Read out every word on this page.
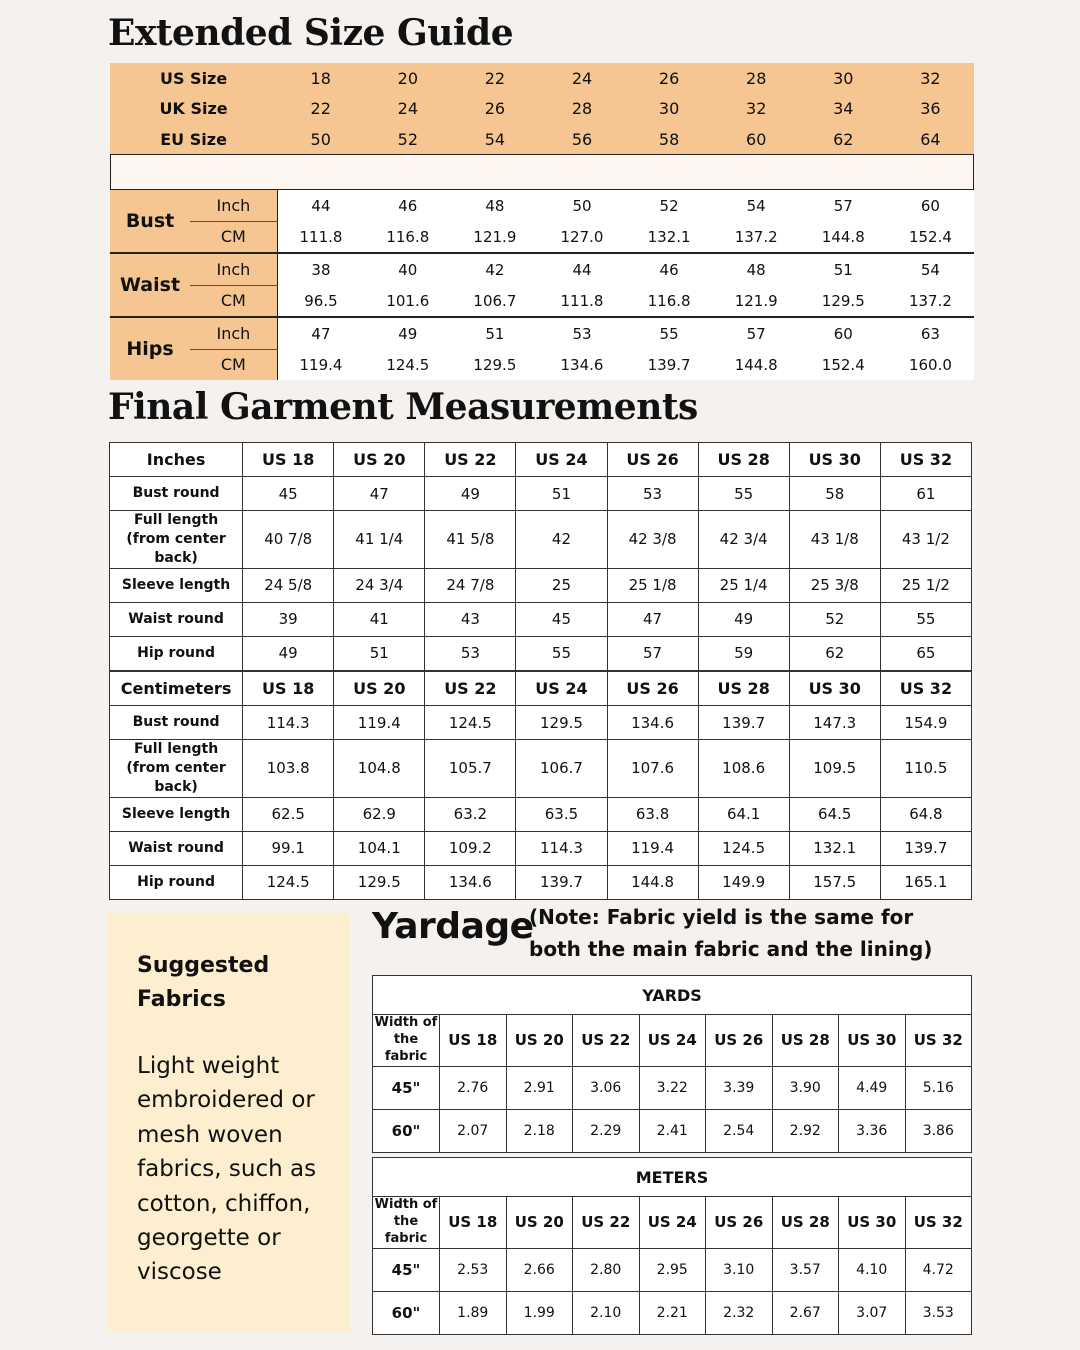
Extended Size Guide
US Size	18	20	22	24	26	28	30	32
UK Size	22	24	26	28	30	32	34	36
EU Size	50	52	54	56	58	60	62	64
Bust	Inch	44	46	48	50	52	54	57	60
	CM	111.8	116.8	121.9	127.0	132.1	137.2	144.8	152.4
Waist	Inch	38	40	42	44	46	48	51	54
	CM	96.5	101.6	106.7	111.8	116.8	121.9	129.5	137.2
Hips	Inch	47	49	51	53	55	57	60	63
	CM	119.4	124.5	129.5	134.6	139.7	144.8	152.4	160.0
Final Garment Measurements
Inches	US 18	US 20	US 22	US 24	US 26	US 28	US 30	US 32
Bust round	45	47	49	51	53	55	58	61
Full length (from center back)	40 7/8	41 1/4	41 5/8	42	42 3/8	42 3/4	43 1/8	43 1/2
Sleeve length	24 5/8	24 3/4	24 7/8	25	25 1/8	25 1/4	25 3/8	25 1/2
Waist round	39	41	43	45	47	49	52	55
Hip round	49	51	53	55	57	59	62	65
Centimeters	US 18	US 20	US 22	US 24	US 26	US 28	US 30	US 32
Bust round	114.3	119.4	124.5	129.5	134.6	139.7	147.3	154.9
Full length (from center back)	103.8	104.8	105.7	106.7	107.6	108.6	109.5	110.5
Sleeve length	62.5	62.9	63.2	63.5	63.8	64.1	64.5	64.8
Waist round	99.1	104.1	109.2	114.3	119.4	124.5	132.1	139.7
Hip round	124.5	129.5	134.6	139.7	144.8	149.9	157.5	165.1
Suggested Fabrics
Light weight embroidered or mesh woven fabrics, such as cotton, chiffon, georgette or viscose
Yardage
(Note: Fabric yield is the same for both the main fabric and the lining)
YARDS								
Width of the fabric	US 18	US 20	US 22	US 24	US 26	US 28	US 30	US 32
45"	2.76	2.91	3.06	3.22	3.39	3.90	4.49	5.16
60"	2.07	2.18	2.29	2.41	2.54	2.92	3.36	3.86
METERS								
Width of the fabric	US 18	US 20	US 22	US 24	US 26	US 28	US 30	US 32
45"	2.53	2.66	2.80	2.95	3.10	3.57	4.10	4.72
60"	1.89	1.99	2.10	2.21	2.32	2.67	3.07	3.53
